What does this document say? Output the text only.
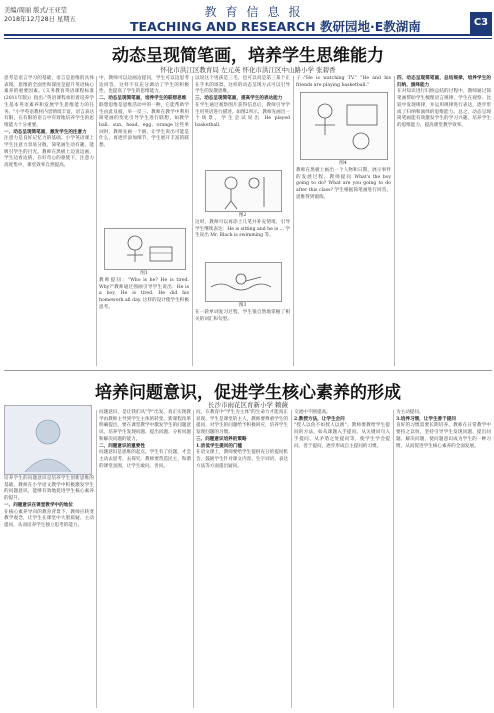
美编/周丽 版式/王亚莹
2018年12月28日 星期五
教育信息报
TEACHING AND RESEARCH 教研园地·E教湖南	C3
动态呈现简笔画，培养学生思维能力
怀化市洪江区教育局 左元英 怀化市洪江区中山路小学 张碧香
思考是语言学习的基础，语言是思维的具体表现。思维的全面性和深度是提升英语核心素养的重要因素。《义务教育英语课程标准(2011年版)》指出:"英语课程承担着培养学生基本英语素养和发展学生思维能力的任务。"小学英语教材内容情境丰富，语言表达有限，在有限的语言中有效地培养学生的思维能力十分重要。
一、动态呈现简笔画，激发学生的注意力
注意力是良好记忆力的基础。小学英语课上学生注意力容易分散，简笔画生动有趣，能吸引学生的目光。教师在黑板上边说边画，学生边看边猜，在好奇心的驱使下，注意力高度集中，课堂效率自然提高。
中，教师可以边画边提问，学生可以边思考边回答，这样不仅充分调动了学生的积极性，也提高了学生的思维能力。
二、动态呈现简笔画，培养学生的联想思维
联想思维是思维活动中的一种，它能帮助学生由此及彼，举一反三。教师在教学中利用简笔画的变化引导学生进行联想，如教学 ball、sun、head、egg、orange 这些单词时，教师先画一个圆，让学生说出可能是什么，再逐步添加细节，学生展开丰富的联想。
图1
教师提问："Who is he? He is tired. Why?"教师通过图画引导学生说出：He is a boy. He is tired. He did his homework all day. 这样的设计使学生积极思考。
以说这个男孩是三毛，也可以说是第三某个正在手术的场景。这样的动态呈现方式可以引导学生的发散思维。
三、动态呈现简笔画，提高学生的表达能力
在学生通过观察图片获得信息后，教师引导学生用英语进行描述。如图2所示，教师先画出一个场景，学生尝试说出 He played basketball.
图2
这时，教师可以再添上几笔并补充情境，引导学生继续表达：He is sitting and he is ... 学生说出 Mr. Black is swimming 等。
图3
在一轮单词复习过程，学生很自然地掌握了相关的词汇和句型。
子:"He is watching TV." "He and his friends are playing basketball."
图4
教师在黑板上画出一个人物和日期，展示事件的发展过程，教师提问 What's the boy going to do? What are you going to do after this class? 学生根据简笔画进行回答，思维得到锻炼。
四、动态呈现简笔画，总结规律，培养学生的归纳、演绎能力
在对知识进行归纳总结的过程中，教师通过简笔画帮助学生梳理语言规律。学生在观察、比较中发现规律，并运用规律进行表达，逐步形成了归纳和演绎的思维能力。总之，动态呈现简笔画能有效激发学生的学习兴趣，培养学生的思维能力，提高课堂教学效率。
培养问题意识，促进学生核心素养的形成
长沙市雨花区育新小学 赖薇
培养学生的问题意识是培养学生创新思维的基础。教师在小学语文教学中积极激发学生的问题意识，能够有效地促进学生核心素养的提升。
一、问题意识在课堂教学中的地位
在核心素养导向的教育背景下，教师应转变教学观念，让学生在课堂中大胆质疑、主动提问，从而培养学生独立思考的能力。
问题意识，是让我们从"学"出发，真正实现教学由教师主导到学生主体的转变。新课程改革明确提出，要在课堂教学中激发学生的问题意识，培养学生发现问题、提出问题、分析问题和解决问题的能力。
二、问题意识的重要性
问题意识是思维的起点。学生有了问题，才会主动去思考、去探究。教师要营造民主、和谐的课堂氛围，让学生敢问、善问。
问，在教育中"学生为主体"的生命力才能真正显现。学生是课堂的主人，教师要尊重学生的提问，对学生的问题给予积极回应，培养学生发现问题的习惯。
三、问题意识培养的策略
1.放低学生提问的门槛
在语文课上，教师要给学生提供充分的提问机会，鼓励学生针对课文内容、生字词语、表达方法等方面提出疑问。
交流中不断提高。
2.教授方法，让学生会问
"授人以鱼不如授人以渔"。教师要教给学生提问的方法，如从课题入手提问、从关键词句入手提问、从矛盾之处提问等，使学生学会提问、善于提问，逐步形成自主提问的习惯。
为主动提问。
3.培养习惯，让学生善于提问
良好的习惯需要长期培养。教师在日常教学中要持之以恒，坚持引导学生发现问题、提出问题、解决问题，使问题意识成为学生的一种习惯，从而促进学生核心素养的全面发展。
